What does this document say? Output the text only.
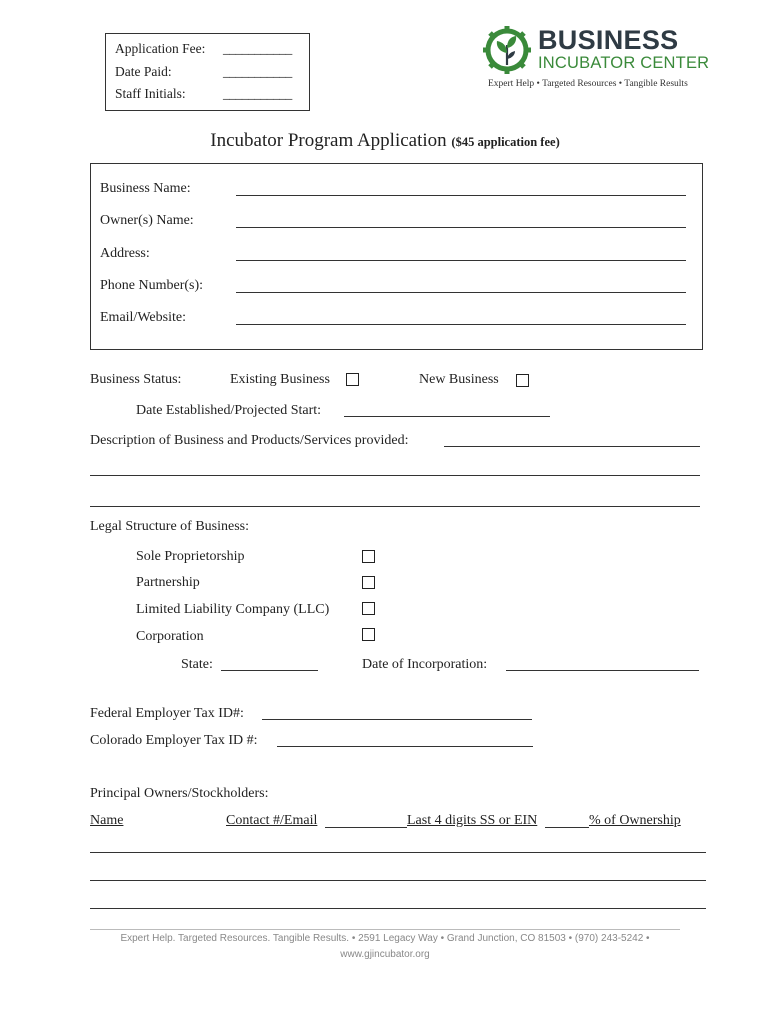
Application Fee: ___________
Date Paid:	___________
Staff Initials:	___________
BUSINESS
INCUBATOR CENTER
Expert Help • Targeted Resources • Tangible Results
Incubator Program Application ($45 application fee)
Business Name:
Owner(s) Name:
Address:
Phone Number(s):
Email/Website:
Business Status:	Existing Business	New Business
Date Established/Projected Start:
Description of Business and Products/Services provided:
Legal Structure of Business:
Sole Proprietorship
Partnership
Limited Liability Company (LLC)
Corporation
State:	Date of Incorporation:
Federal Employer Tax ID#:
Colorado Employer Tax ID #:
Principal Owners/Stockholders:
Name	Contact #/Email	Last 4 digits SS or EIN	% of Ownership
Expert Help. Targeted Resources. Tangible Results. • 2591 Legacy Way • Grand Junction, CO 81503 • (970) 243-5242 •
www.gjincubator.org
